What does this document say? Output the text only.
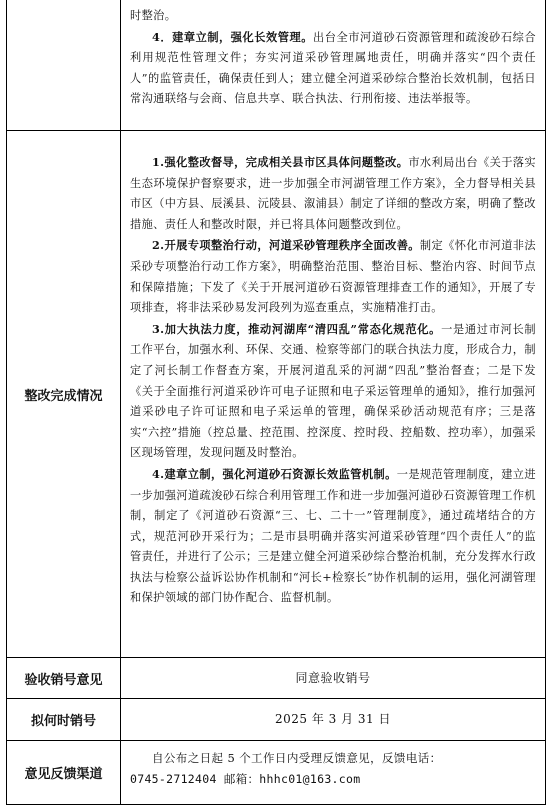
时整治。

4．建章立制，强化长效管理。出台全市河道砂石资源管理和疏浚砂石综合利用规范性管理文件；夯实河道采砂管理属地责任，明确并落实“四个责任人”的监管责任，确保责任到人；建立健全河道采砂综合整治长效机制，包括日常沟通联络与会商、信息共享、联合执法、行刑衔接、违法举报等。

整改完成情况

1.强化整改督导，完成相关县市区具体问题整改。市水利局出台《关于落实生态环境保护督察要求，进一步加强全市河湖管理工作方案》，全力督导相关县市区（中方县、辰溪县、沅陵县、溆浦县）制定了详细的整改方案，明确了整改措施、责任人和整改时限，并已将具体问题整改到位。

2.开展专项整治行动，河道采砂管理秩序全面改善。制定《怀化市河道非法采砂专项整治行动工作方案》，明确整治范围、整治目标、整治内容、时间节点和保障措施；下发了《关于开展河道砂石资源管理排查工作的通知》，开展了专项排查，将非法采砂易发河段列为巡查重点，实施精准打击。

3.加大执法力度，推动河湖库“清四乱”常态化规范化。一是通过市河长制工作平台，加强水利、环保、交通、检察等部门的联合执法力度，形成合力，制定了河长制工作督查方案，开展河道乱采的河湖“四乱”整治督查；二是下发《关于全面推行河道采砂许可电子证照和电子采运管理单的通知》，推行加强河道采砂电子许可证照和电子采运单的管理，确保采砂活动规范有序；三是落实“六控”措施（控总量、控范围、控深度、控时段、控船数、控功率），加强采区现场管理，发现问题及时整治。

4.建章立制，强化河道砂石资源长效监管机制。一是规范管理制度，建立进一步加强河道疏浚砂石综合利用管理工作和进一步加强河道砂石资源管理工作机制，制定了《河道砂石资源“三、七、二十一”管理制度》，通过疏堵结合的方式，规范河砂开采行为；二是市县明确并落实河道采砂管理“四个责任人”的监管责任，并进行了公示；三是建立健全河道采砂综合整治机制，充分发挥水行政执法与检察公益诉讼协作机制和“河长+检察长”协作机制的运用，强化河湖管理和保护领域的部门协作配合、监督机制。

验收销号意见	同意验收销号
拟何时销号	2025 年 3 月 31 日
意见反馈渠道

自公布之日起 5 个工作日内受理反馈意见，反馈电话：

0745-2712404 邮箱：hhhc01@163.com
